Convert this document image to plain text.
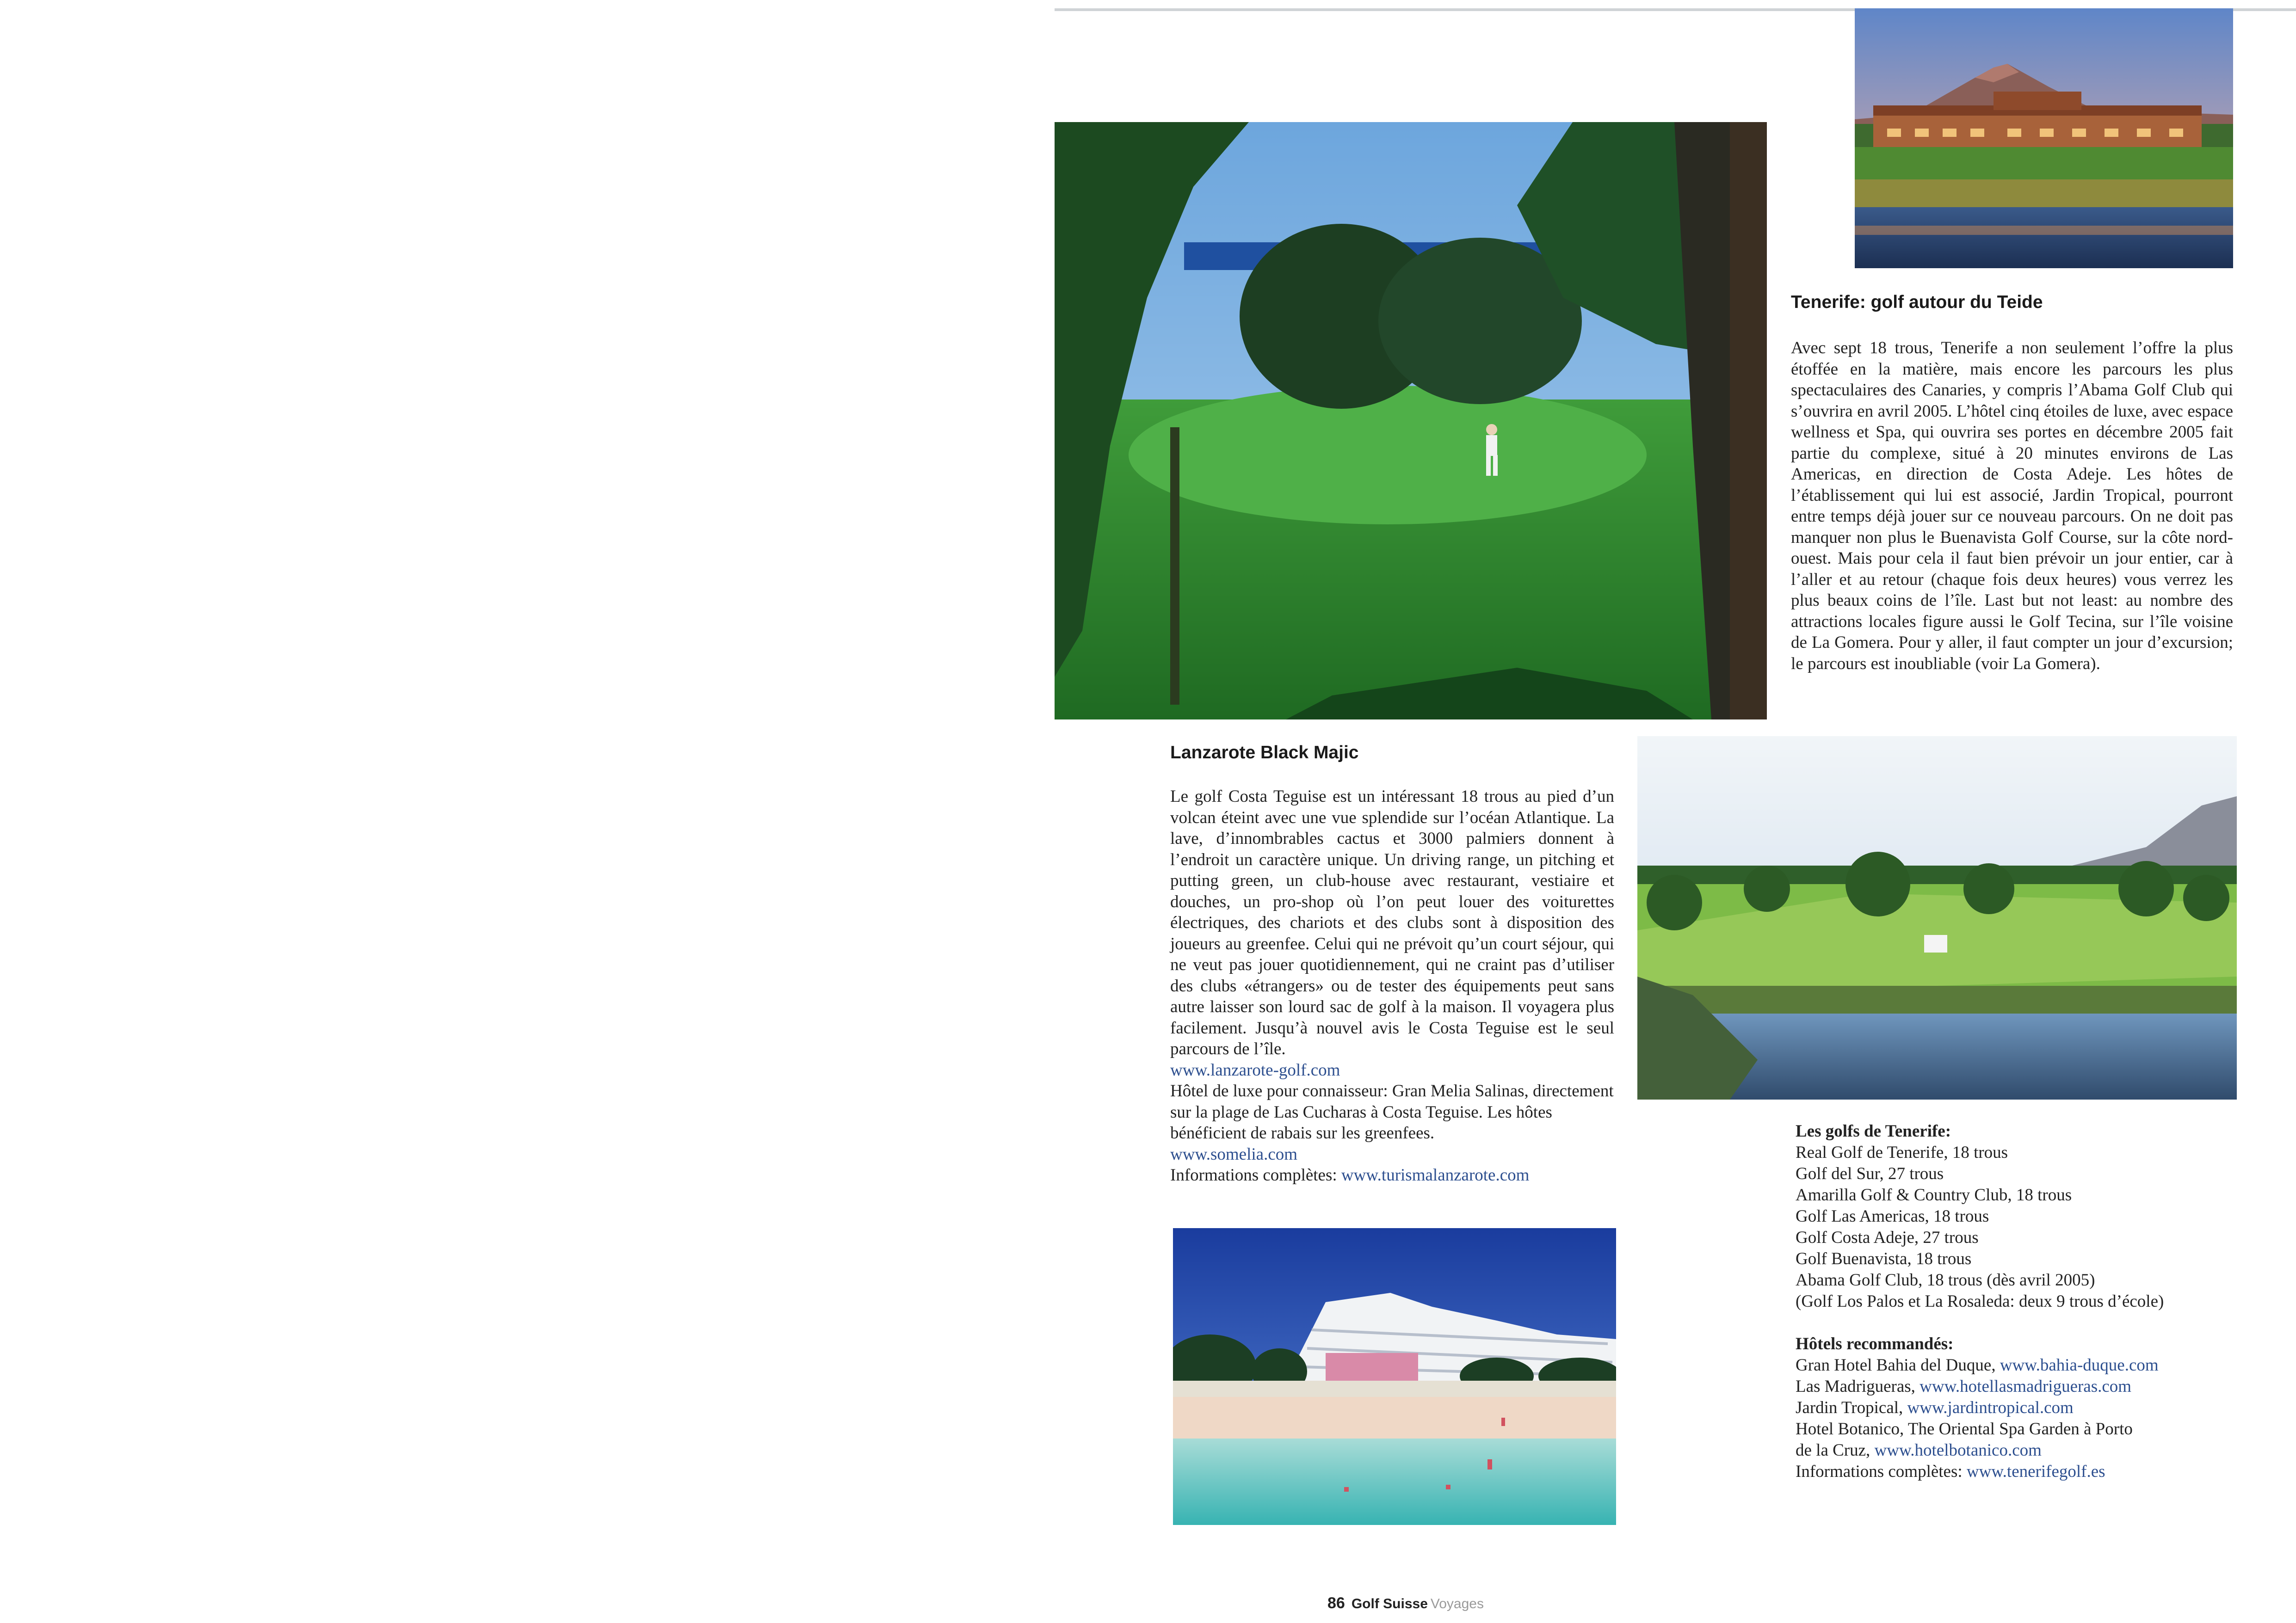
Tenerife: golf autour du Teide

Avec sept 18 trous, Tenerife a non seulement l’offre la plus étoffée en la matière, mais encore les parcours les plus spectaculaires des Canaries, y compris l’Abama Golf Club qui s’ouvrira en avril 2005. L’hôtel cinq étoiles de luxe, avec espace wellness et Spa, qui ouvrira ses portes en décembre 2005 fait partie du complexe, situé à 20 minutes environs de Las Americas, en direction de Costa Adeje. Les hôtes de l’établissement qui lui est associé, Jardin Tropical, pourront entre temps déjà jouer sur ce nouveau parcours. On ne doit pas manquer non plus le Buenavista Golf Course, sur la côte nord-ouest. Mais pour cela il faut bien prévoir un jour entier, car à l’aller et au retour (chaque fois deux heures) vous verrez les plus beaux coins de l’île. Last but not least: au nombre des attractions locales figure aussi le Golf Tecina, sur l’île voisine de La Gomera. Pour y aller, il faut compter un jour d’excursion; le parcours est inoubliable (voir La Gomera).

Lanzarote Black Majic

Le golf Costa Teguise est un intéressant 18 trous au pied d’un volcan éteint avec une vue splendide sur l’océan Atlantique. La lave, d’innombrables cactus et 3000 palmiers donnent à l’endroit un caractère unique. Un driving range, un pitching et putting green, un club-house avec restaurant, vestiaire et douches, un pro-shop où l’on peut louer des voiturettes électriques, des chariots et des clubs sont à disposition des joueurs au greenfee. Celui qui ne prévoit qu’un court séjour, qui ne veut pas jouer quotidiennement, qui ne craint pas d’utiliser des clubs «étrangers» ou de tester des équipements peut sans autre laisser son lourd sac de golf à la maison. Il voyagera plus facilement. Jusqu’à nouvel avis le Costa Teguise est le seul parcours de l’île.

www.lanzarote-golf.com

Hôtel de luxe pour connaisseur: Gran Melia Salinas, directement sur la plage de Las Cucharas à Costa Teguise. Les hôtes bénéficient de rabais sur les greenfees.

www.somelia.com
Informations complètes: www.turismalanzarote.com
Les golfs de Tenerife:
Real Golf de Tenerife, 18 trous
Golf del Sur, 27 trous
Amarilla Golf & Country Club, 18 trous
Golf Las Americas, 18 trous
Golf Costa Adeje, 27 trous
Golf Buenavista, 18 trous
Abama Golf Club, 18 trous (dès avril 2005)
(Golf Los Palos et La Rosaleda: deux 9 trous d’école)
Hôtels recommandés:
Gran Hotel Bahia del Duque, www.bahia-duque.com
Las Madrigueras, www.hotellasmadrigueras.com
Jardin Tropical, www.jardintropical.com
Hotel Botanico, The Oriental Spa Garden à Porto
de la Cruz, www.hotelbotanico.com
Informations complètes: www.tenerifegolf.es
86 Golf Suisse Voyages
